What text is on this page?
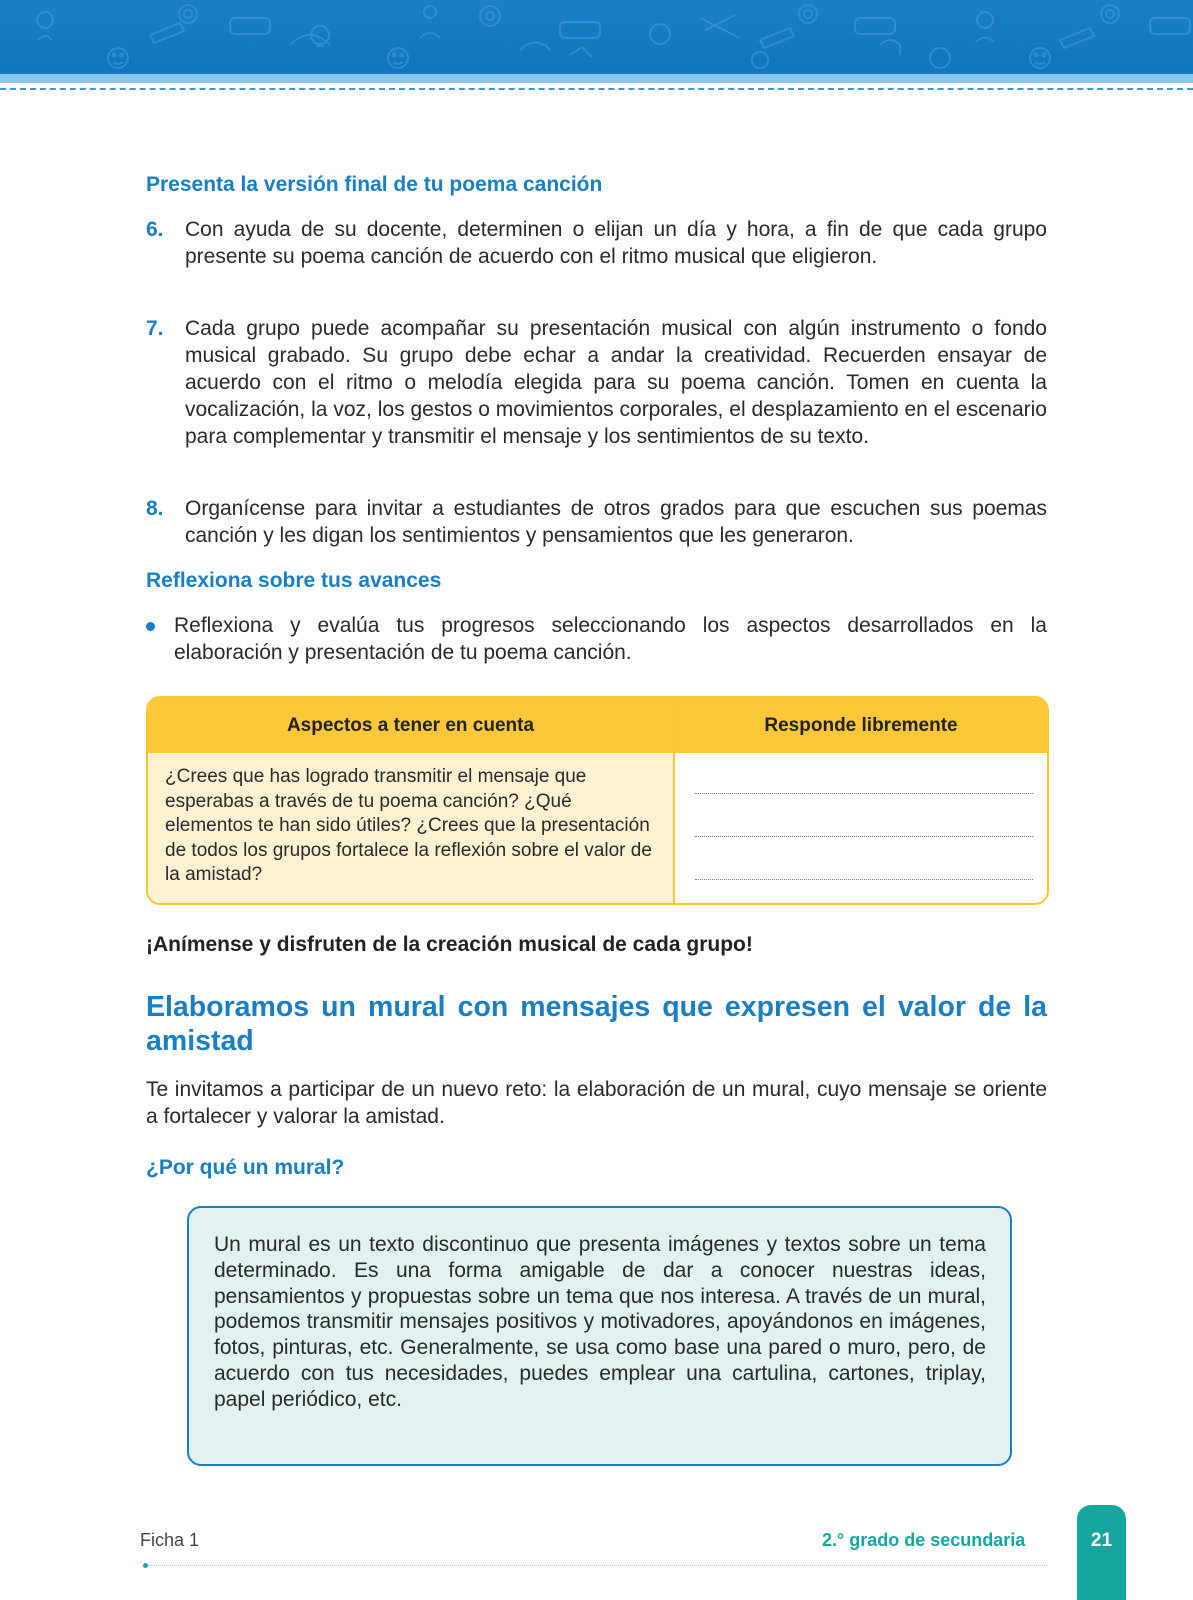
Presenta la versión final de tu poema canción
6. Con ayuda de su docente, determinen o elijan un día y hora, a fin de que cada grupo presente su poema canción de acuerdo con el ritmo musical que eligieron.
7. Cada grupo puede acompañar su presentación musical con algún instrumento o fondo musical grabado. Su grupo debe echar a andar la creatividad. Recuerden ensayar de acuerdo con el ritmo o melodía elegida para su poema canción. Tomen en cuenta la vocalización, la voz, los gestos o movimientos corporales, el desplazamiento en el escenario para complementar y transmitir el mensaje y los sentimientos de su texto.
8. Organícense para invitar a estudiantes de otros grados para que escuchen sus poemas canción y les digan los sentimientos y pensamientos que les generaron.
Reflexiona sobre tus avances
Reflexiona y evalúa tus progresos seleccionando los aspectos desarrollados en la elaboración y presentación de tu poema canción.
Aspectos a tener en cuenta	Responde libremente
¿Crees que has logrado transmitir el mensaje que esperabas a través de tu poema canción? ¿Qué elementos te han sido útiles? ¿Crees que la presentación de todos los grupos fortalece la reflexión sobre el valor de la amistad?
¡Anímense y disfruten de la creación musical de cada grupo!
Elaboramos un mural con mensajes que expresen el valor de la amistad
Te invitamos a participar de un nuevo reto: la elaboración de un mural, cuyo mensaje se oriente a fortalecer y valorar la amistad.
¿Por qué un mural?
Un mural es un texto discontinuo que presenta imágenes y textos sobre un tema determinado. Es una forma amigable de dar a conocer nuestras ideas, pensamientos y propuestas sobre un tema que nos interesa. A través de un mural, podemos transmitir mensajes positivos y motivadores, apoyándonos en imágenes, fotos, pinturas, etc. Generalmente, se usa como base una pared o muro, pero, de acuerdo con tus necesidades, puedes emplear una cartulina, cartones, triplay, papel periódico, etc.
Ficha 1	2.° grado de secundaria	21
